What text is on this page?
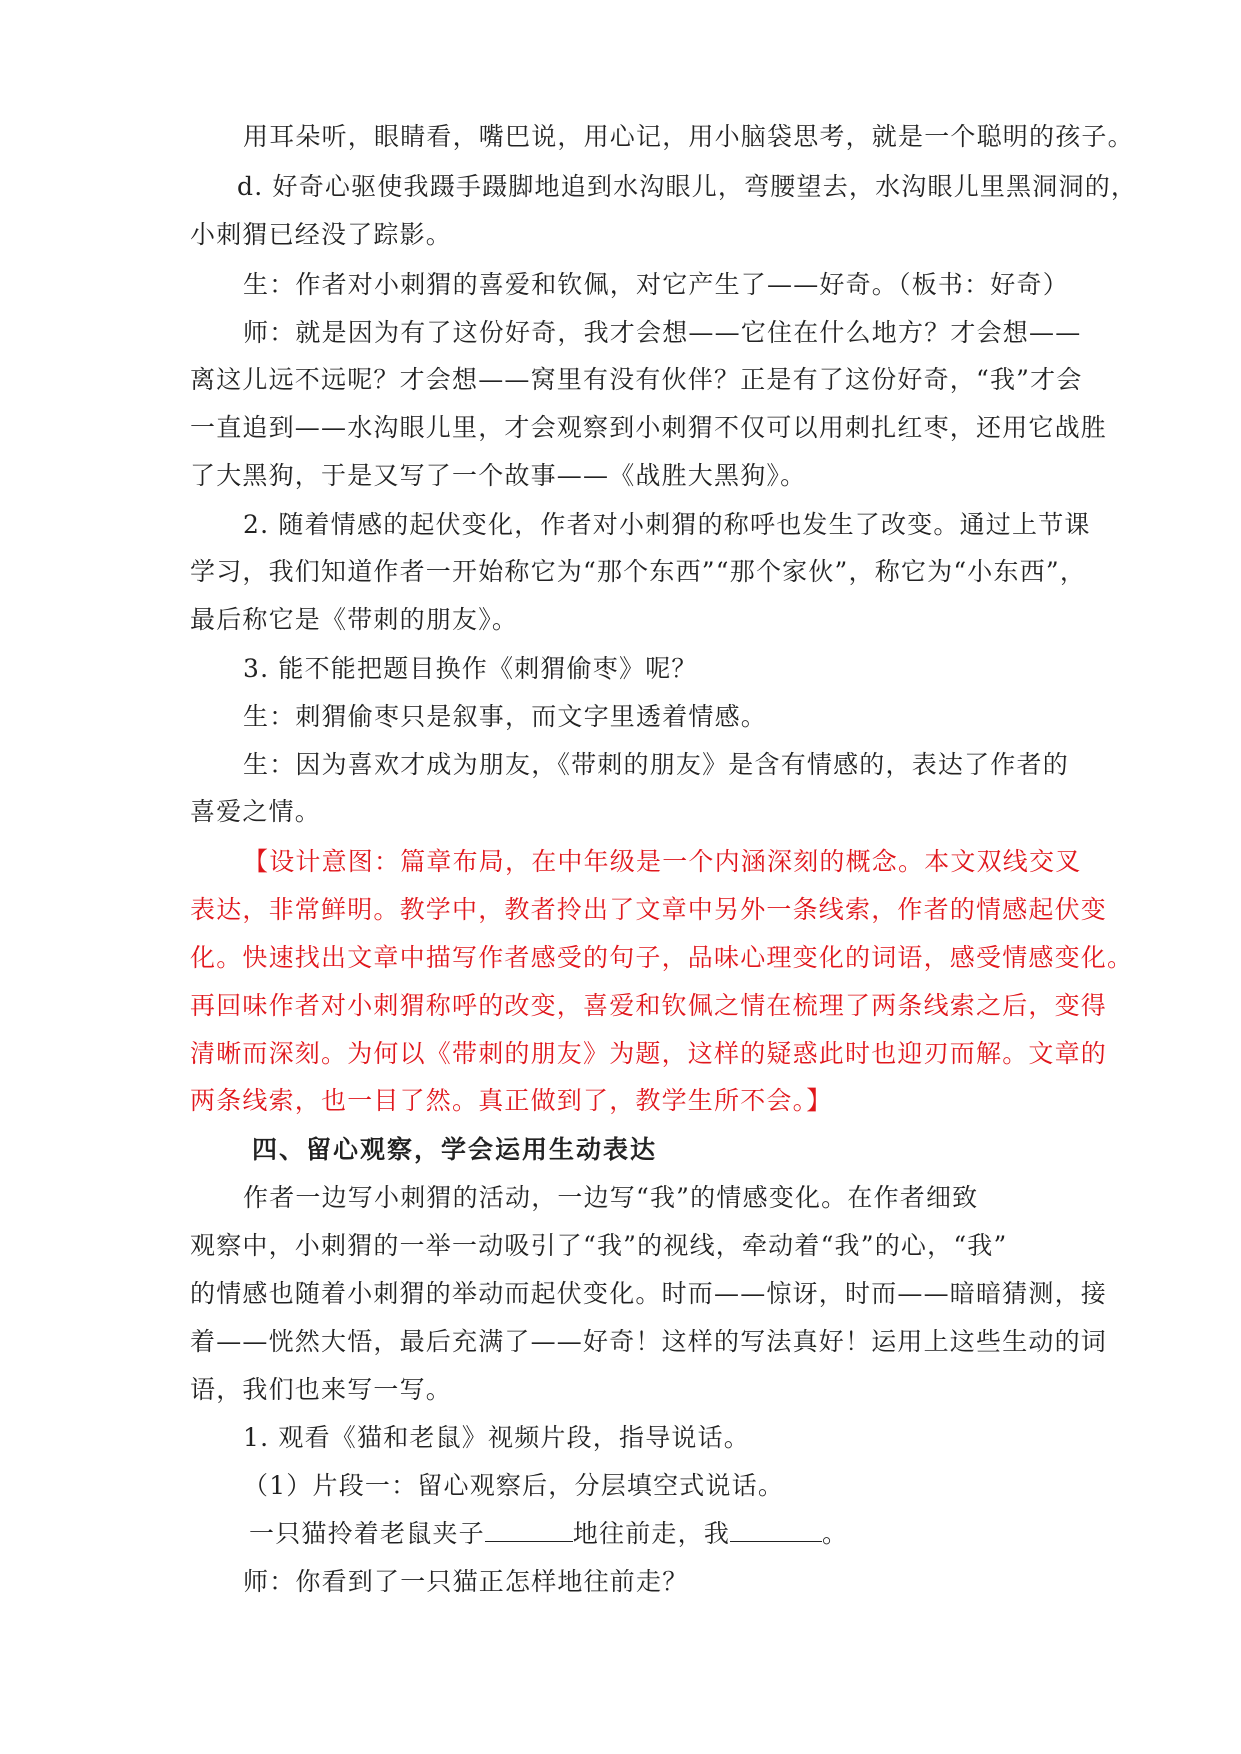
用耳朵听，眼睛看，嘴巴说，用心记，用小脑袋思考，就是一个聪明的孩子。
d. 好奇心驱使我蹑手蹑脚地追到水沟眼儿，弯腰望去，水沟眼儿里黑洞洞的，
小刺猬已经没了踪影。
生：作者对小刺猬的喜爱和钦佩，对它产生了——好奇。（板书：好奇）
师：就是因为有了这份好奇，我才会想——它住在什么地方？才会想——
离这儿远不远呢？才会想——窝里有没有伙伴？正是有了这份好奇，“我”才会
一直追到——水沟眼儿里，才会观察到小刺猬不仅可以用刺扎红枣，还用它战胜
了大黑狗，于是又写了一个故事——《战胜大黑狗》。
2. 随着情感的起伏变化，作者对小刺猬的称呼也发生了改变。通过上节课
学习，我们知道作者一开始称它为“那个东西”“那个家伙”，称它为“小东西”，
最后称它是《带刺的朋友》。
3. 能不能把题目换作《刺猬偷枣》呢？
生：刺猬偷枣只是叙事，而文字里透着情感。
生：因为喜欢才成为朋友，《带刺的朋友》是含有情感的，表达了作者的
喜爱之情。
【设计意图：篇章布局，在中年级是一个内涵深刻的概念。本文双线交叉
表达，非常鲜明。教学中，教者拎出了文章中另外一条线索，作者的情感起伏变
化。快速找出文章中描写作者感受的句子，品味心理变化的词语，感受情感变化。
再回味作者对小刺猬称呼的改变，喜爱和钦佩之情在梳理了两条线索之后，变得
清晰而深刻。为何以《带刺的朋友》为题，这样的疑惑此时也迎刃而解。文章的
两条线索，也一目了然。真正做到了，教学生所不会。】
四、留心观察，学会运用生动表达
作者一边写小刺猬的活动，一边写“我”的情感变化。在作者细致
观察中，小刺猬的一举一动吸引了“我”的视线，牵动着“我”的心，“我”
的情感也随着小刺猬的举动而起伏变化。时而——惊讶，时而——暗暗猜测，接
着——恍然大悟，最后充满了——好奇！这样的写法真好！运用上这些生动的词
语，我们也来写一写。
1. 观看《猫和老鼠》视频片段，指导说话。
（1）片段一：留心观察后，分层填空式说话。
一只猫拎着老鼠夹子	地往前走，我	。
师：你看到了一只猫正怎样地往前走？
